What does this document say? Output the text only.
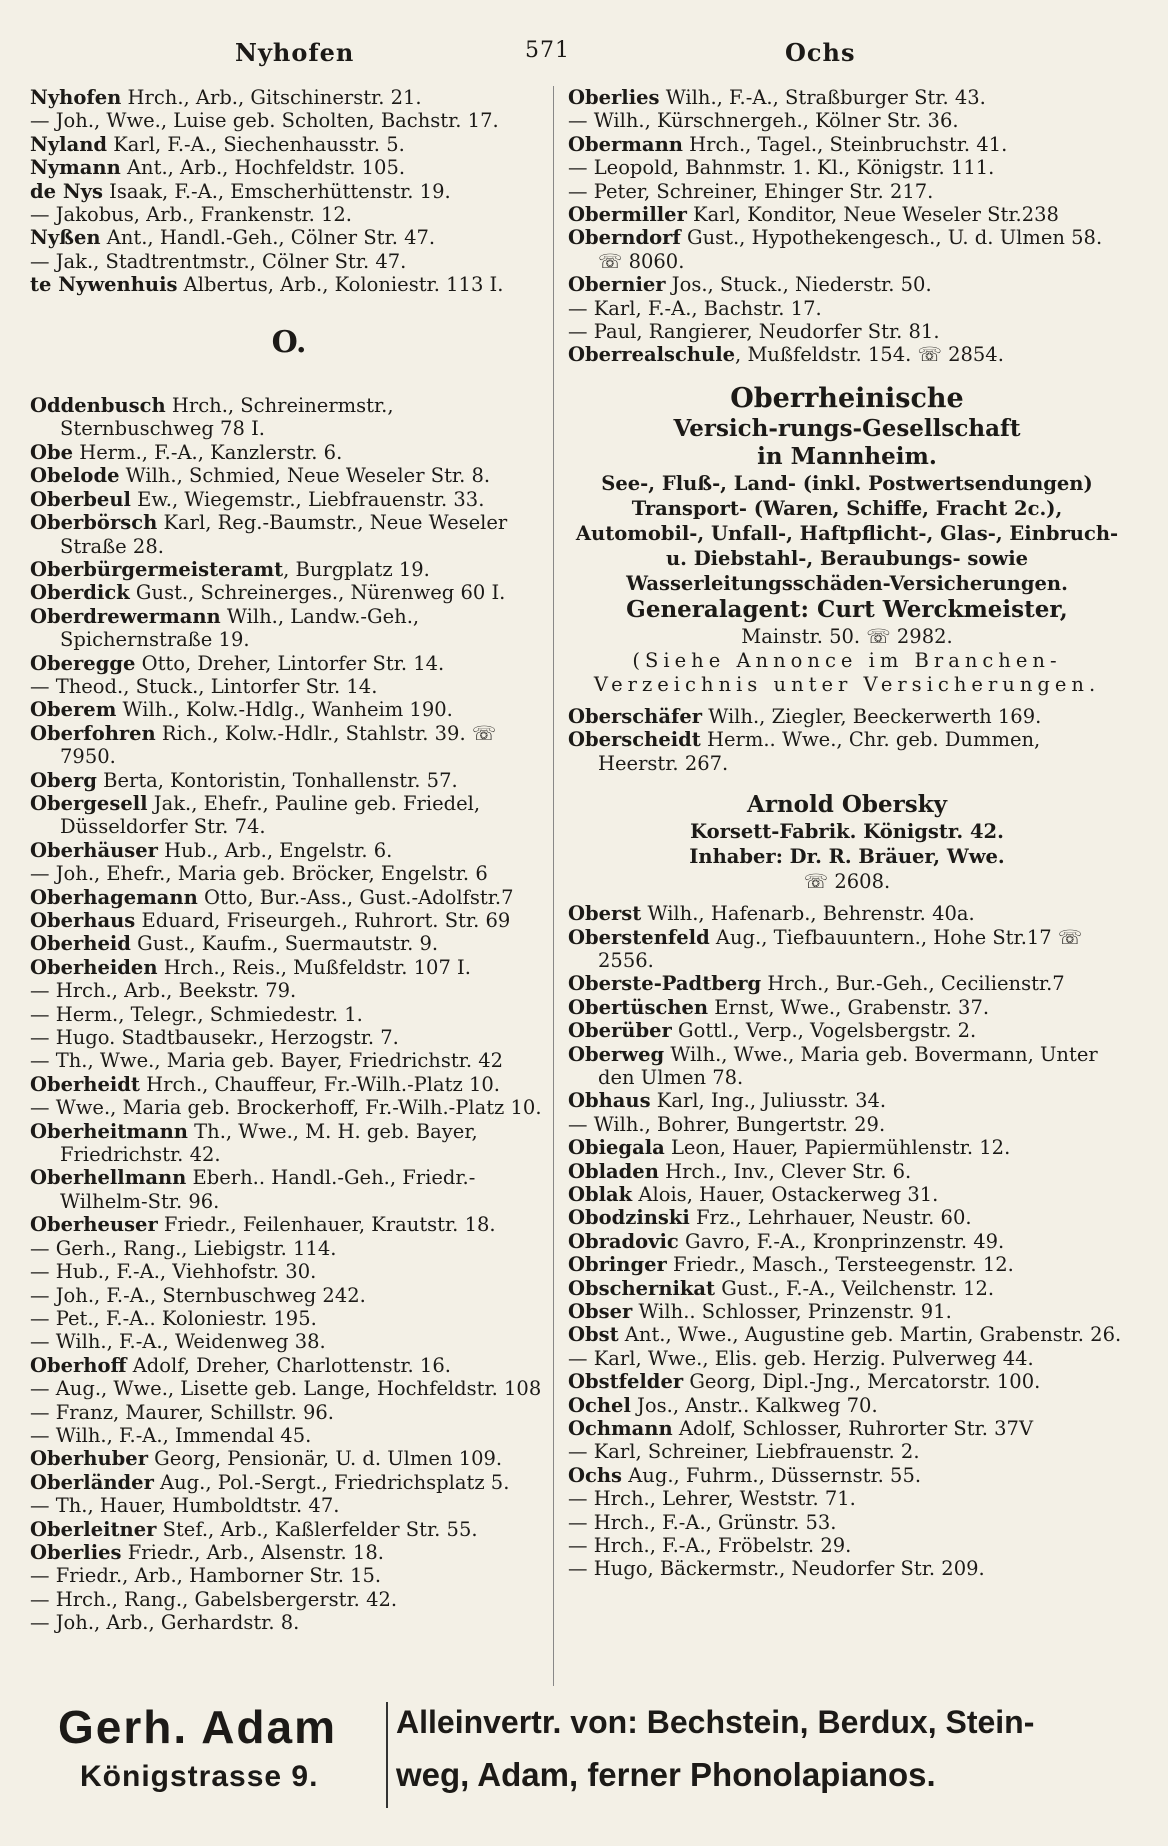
Nyhofen	571	Ochs

Nyhofen Hrch., Arb., Gitschinerstr. 21.

— Joh., Wwe., Luise geb. Scholten, Bachstr. 17.

Nyland Karl, F.-A., Siechenhausstr. 5.

Nymann Ant., Arb., Hochfeldstr. 105.

de Nys Isaak, F.-A., Emscherhüttenstr. 19.

— Jakobus, Arb., Frankenstr. 12.

Nyßen Ant., Handl.-Geh., Cölner Str. 47.

— Jak., Stadtrentmstr., Cölner Str. 47.

te Nywenhuis Albertus, Arb., Koloniestr. 113 I.

O.

Oddenbusch Hrch., Schreinermstr., Sternbuschweg 78 I.

Obe Herm., F.-A., Kanzlerstr. 6.

Obelode Wilh., Schmied, Neue Weseler Str. 8.

Oberbeul Ew., Wiegemstr., Liebfrauenstr. 33.

Oberbörsch Karl, Reg.-Baumstr., Neue Weseler Straße 28.

Oberbürgermeisteramt, Burgplatz 19.

Oberdick Gust., Schreinerges., Nürenweg 60 I.

Oberdrewermann Wilh., Landw.-Geh., Spichernstraße 19.

Oberegge Otto, Dreher, Lintorfer Str. 14.

— Theod., Stuck., Lintorfer Str. 14.

Oberem Wilh., Kolw.-Hdlg., Wanheim 190.

Oberfohren Rich., Kolw.-Hdlr., Stahlstr. 39. ☏ 7950.

Oberg Berta, Kontoristin, Tonhallenstr. 57.

Obergesell Jak., Ehefr., Pauline geb. Friedel, Düsseldorfer Str. 74.

Oberhäuser Hub., Arb., Engelstr. 6.

— Joh., Ehefr., Maria geb. Bröcker, Engelstr. 6

Oberhagemann Otto, Bur.-Ass., Gust.-Adolfstr.7

Oberhaus Eduard, Friseurgeh., Ruhrort. Str. 69

Oberheid Gust., Kaufm., Suermautstr. 9.

Oberheiden Hrch., Reis., Mußfeldstr. 107 I.

— Hrch., Arb., Beekstr. 79.

— Herm., Telegr., Schmiedestr. 1.

— Hugo. Stadtbausekr., Herzogstr. 7.

— Th., Wwe., Maria geb. Bayer, Friedrichstr. 42

Oberheidt Hrch., Chauffeur, Fr.-Wilh.-Platz 10.

— Wwe., Maria geb. Brockerhoff, Fr.-Wilh.-Platz 10.

Oberheitmann Th., Wwe., M. H. geb. Bayer, Friedrichstr. 42.

Oberhellmann Eberh.. Handl.-Geh., Friedr.-Wilhelm-Str. 96.

Oberheuser Friedr., Feilenhauer, Krautstr. 18.

— Gerh., Rang., Liebigstr. 114.

— Hub., F.-A., Viehhofstr. 30.

— Joh., F.-A., Sternbuschweg 242.

— Pet., F.-A.. Koloniestr. 195.

— Wilh., F.-A., Weidenweg 38.

Oberhoff Adolf, Dreher, Charlottenstr. 16.

— Aug., Wwe., Lisette geb. Lange, Hochfeldstr. 108

— Franz, Maurer, Schillstr. 96.

— Wilh., F.-A., Immendal 45.

Oberhuber Georg, Pensionär, U. d. Ulmen 109.

Oberländer Aug., Pol.-Sergt., Friedrichsplatz 5.

— Th., Hauer, Humboldtstr. 47.

Oberleitner Stef., Arb., Kaßlerfelder Str. 55.

Oberlies Friedr., Arb., Alsenstr. 18.

— Friedr., Arb., Hamborner Str. 15.

— Hrch., Rang., Gabelsbergerstr. 42.

— Joh., Arb., Gerhardstr. 8.

Oberlies Wilh., F.-A., Straßburger Str. 43.

— Wilh., Kürschnergeh., Kölner Str. 36.

Obermann Hrch., Tagel., Steinbruchstr. 41.

— Leopold, Bahnmstr. 1. Kl., Königstr. 111.

— Peter, Schreiner, Ehinger Str. 217.

Obermiller Karl, Konditor, Neue Weseler Str.238

Oberndorf Gust., Hypothekengesch., U. d. Ulmen 58. ☏ 8060.

Obernier Jos., Stuck., Niederstr. 50.

— Karl, F.-A., Bachstr. 17.

— Paul, Rangierer, Neudorfer Str. 81.

Oberrealschule, Mußfeldstr. 154. ☏ 2854.

Oberrheinische
Versich-rungs-Gesellschaft
in Mannheim.
See-, Fluß-, Land- (inkl. Postwertsendungen) Transport- (Waren, Schiffe, Fracht 2c.), Automobil-, Unfall-, Haftpflicht-, Glas-, Einbruch- u. Diebstahl-, Beraubungs- sowie Wasserleitungsschäden-Versicherungen.
Generalagent: Curt Werckmeister,
Mainstr. 50. ☏ 2982.
(Siehe Annonce im Branchen-Verzeichnis unter Versicherungen.

Oberschäfer Wilh., Ziegler, Beeckerwerth 169.

Oberscheidt Herm.. Wwe., Chr. geb. Dummen, Heerstr. 267.

Arnold Obersky
Korsett-Fabrik. Königstr. 42.
Inhaber: Dr. R. Bräuer, Wwe.
☏ 2608.

Oberst Wilh., Hafenarb., Behrenstr. 40a.

Oberstenfeld Aug., Tiefbauuntern., Hohe Str.17 ☏ 2556.

Oberste-Padtberg Hrch., Bur.-Geh., Cecilienstr.7

Obertüschen Ernst, Wwe., Grabenstr. 37.

Oberüber Gottl., Verp., Vogelsbergstr. 2.

Oberweg Wilh., Wwe., Maria geb. Bovermann, Unter den Ulmen 78.

Obhaus Karl, Ing., Juliusstr. 34.

— Wilh., Bohrer, Bungertstr. 29.

Obiegala Leon, Hauer, Papiermühlenstr. 12.

Obladen Hrch., Inv., Clever Str. 6.

Oblak Alois, Hauer, Ostackerweg 31.

Obodzinski Frz., Lehrhauer, Neustr. 60.

Obradovic Gavro, F.-A., Kronprinzenstr. 49.

Obringer Friedr., Masch., Tersteegenstr. 12.

Obschernikat Gust., F.-A., Veilchenstr. 12.

Obser Wilh.. Schlosser, Prinzenstr. 91.

Obst Ant., Wwe., Augustine geb. Martin, Grabenstr. 26.

— Karl, Wwe., Elis. geb. Herzig. Pulverweg 44.

Obstfelder Georg, Dipl.-Jng., Mercatorstr. 100.

Ochel Jos., Anstr.. Kalkweg 70.

Ochmann Adolf, Schlosser, Ruhrorter Str. 37V

— Karl, Schreiner, Liebfrauenstr. 2.

Ochs Aug., Fuhrm., Düssernstr. 55.

— Hrch., Lehrer, Weststr. 71.

— Hrch., F.-A., Grünstr. 53.

— Hrch., F.-A., Fröbelstr. 29.

— Hugo, Bäckermstr., Neudorfer Str. 209.

Gerh. Adam
Königstrasse 9.
Alleinvertr. von: Bechstein, Berdux, Stein-
weg, Adam, ferner Phonolapianos.
